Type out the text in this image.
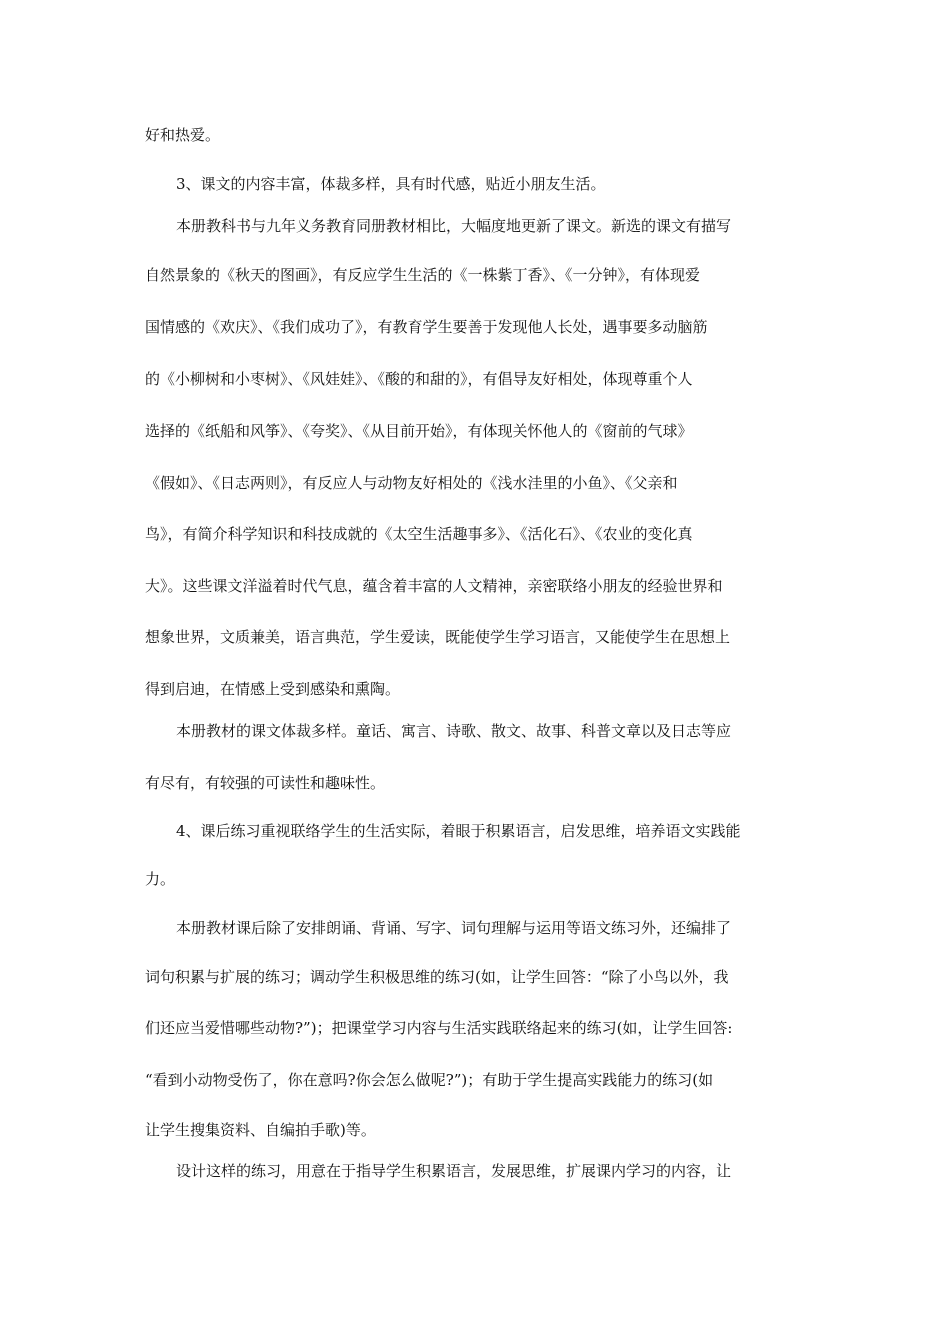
好和热爱。
3、课文的内容丰富，体裁多样，具有时代感，贴近小朋友生活。
本册教科书与九年义务教育同册教材相比，大幅度地更新了课文。新选的课文有描写
自然景象的《秋天的图画》，有反应学生生活的《一株紫丁香》、《一分钟》，有体现爱
国情感的《欢庆》、《我们成功了》，有教育学生要善于发现他人长处，遇事要多动脑筋
的《小柳树和小枣树》、《风娃娃》、《酸的和甜的》，有倡导友好相处，体现尊重个人
选择的《纸船和风筝》、《夸奖》、《从目前开始》，有体现关怀他人的《窗前的气球》
《假如》、《日志两则》，有反应人与动物友好相处的《浅水洼里的小鱼》、《父亲和
鸟》，有简介科学知识和科技成就的《太空生活趣事多》、《活化石》、《农业的变化真
大》。这些课文洋溢着时代气息，蕴含着丰富的人文精神，亲密联络小朋友的经验世界和
想象世界，文质兼美，语言典范，学生爱读，既能使学生学习语言，又能使学生在思想上
得到启迪，在情感上受到感染和熏陶。
本册教材的课文体裁多样。童话、寓言、诗歌、散文、故事、科普文章以及日志等应
有尽有，有较强的可读性和趣味性。
4、课后练习重视联络学生的生活实际，着眼于积累语言，启发思维，培养语文实践能
力。
本册教材课后除了安排朗诵、背诵、写字、词句理解与运用等语文练习外，还编排了
词句积累与扩展的练习；调动学生积极思维的练习(如，让学生回答：“除了小鸟以外，我
们还应当爱惜哪些动物?”)；把课堂学习内容与生活实践联络起来的练习(如，让学生回答:
“看到小动物受伤了，你在意吗?你会怎么做呢?”)；有助于学生提高实践能力的练习(如
让学生搜集资料、自编拍手歌)等。
设计这样的练习，用意在于指导学生积累语言，发展思维，扩展课内学习的内容，让
